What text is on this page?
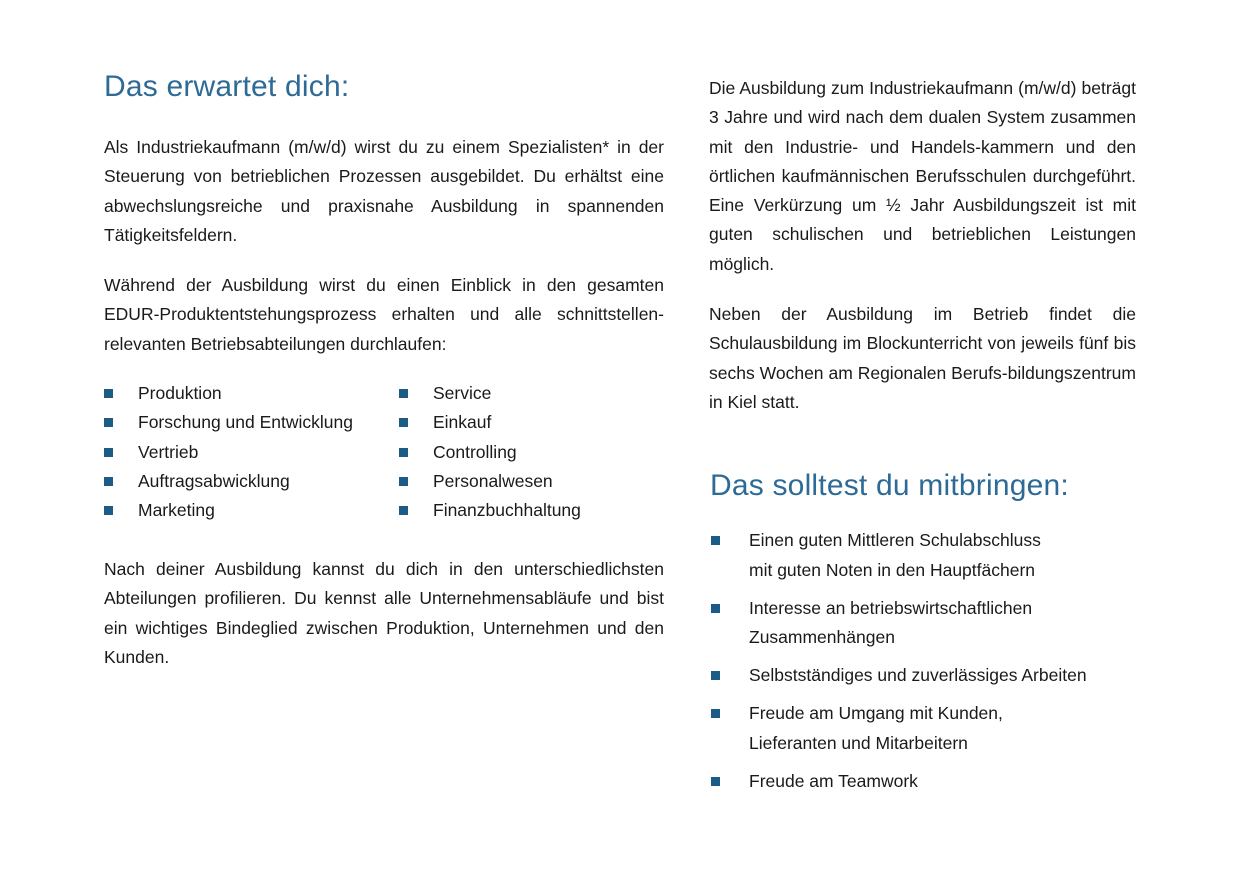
Das erwartet dich:

Als Industriekaufmann (m/w/d) wirst du zu einem Spezialisten* in der Steuerung von betrieblichen Prozessen ausgebildet. Du erhältst eine abwechslungsreiche und praxisnahe Ausbildung in spannenden Tätigkeitsfeldern.

Während der Ausbildung wirst du einen Einblick in den gesamten EDUR-Produktentstehungsprozess erhalten und alle schnittstellen-relevanten Betriebsabteilungen durchlaufen:

Produktion
Forschung und Entwicklung
Vertrieb
Auftragsabwicklung
Marketing
Service
Einkauf
Controlling
Personalwesen
Finanzbuchhaltung

Nach deiner Ausbildung kannst du dich in den unterschiedlichsten Abteilungen profilieren. Du kennst alle Unternehmensabläufe und bist ein wichtiges Bindeglied zwischen Produktion, Unternehmen und den Kunden.

Die Ausbildung zum Industriekaufmann (m/w/d) beträgt 3 Jahre und wird nach dem dualen System zusammen mit den Industrie- und Handels-kammern und den örtlichen kaufmännischen Berufsschulen durchgeführt. Eine Verkürzung um ½ Jahr Ausbildungszeit ist mit guten schulischen und betrieblichen Leistungen möglich.

Neben der Ausbildung im Betrieb findet die Schulausbildung im Blockunterricht von jeweils fünf bis sechs Wochen am Regionalen Berufs-bildungszentrum in Kiel statt.

Das solltest du mitbringen:
Einen guten Mittleren Schulabschluss
mit guten Noten in den Hauptfächern
Interesse an betriebswirtschaftlichen
Zusammenhängen
Selbstständiges und zuverlässiges Arbeiten
Freude am Umgang mit Kunden,
Lieferanten und Mitarbeitern
Freude am Teamwork
